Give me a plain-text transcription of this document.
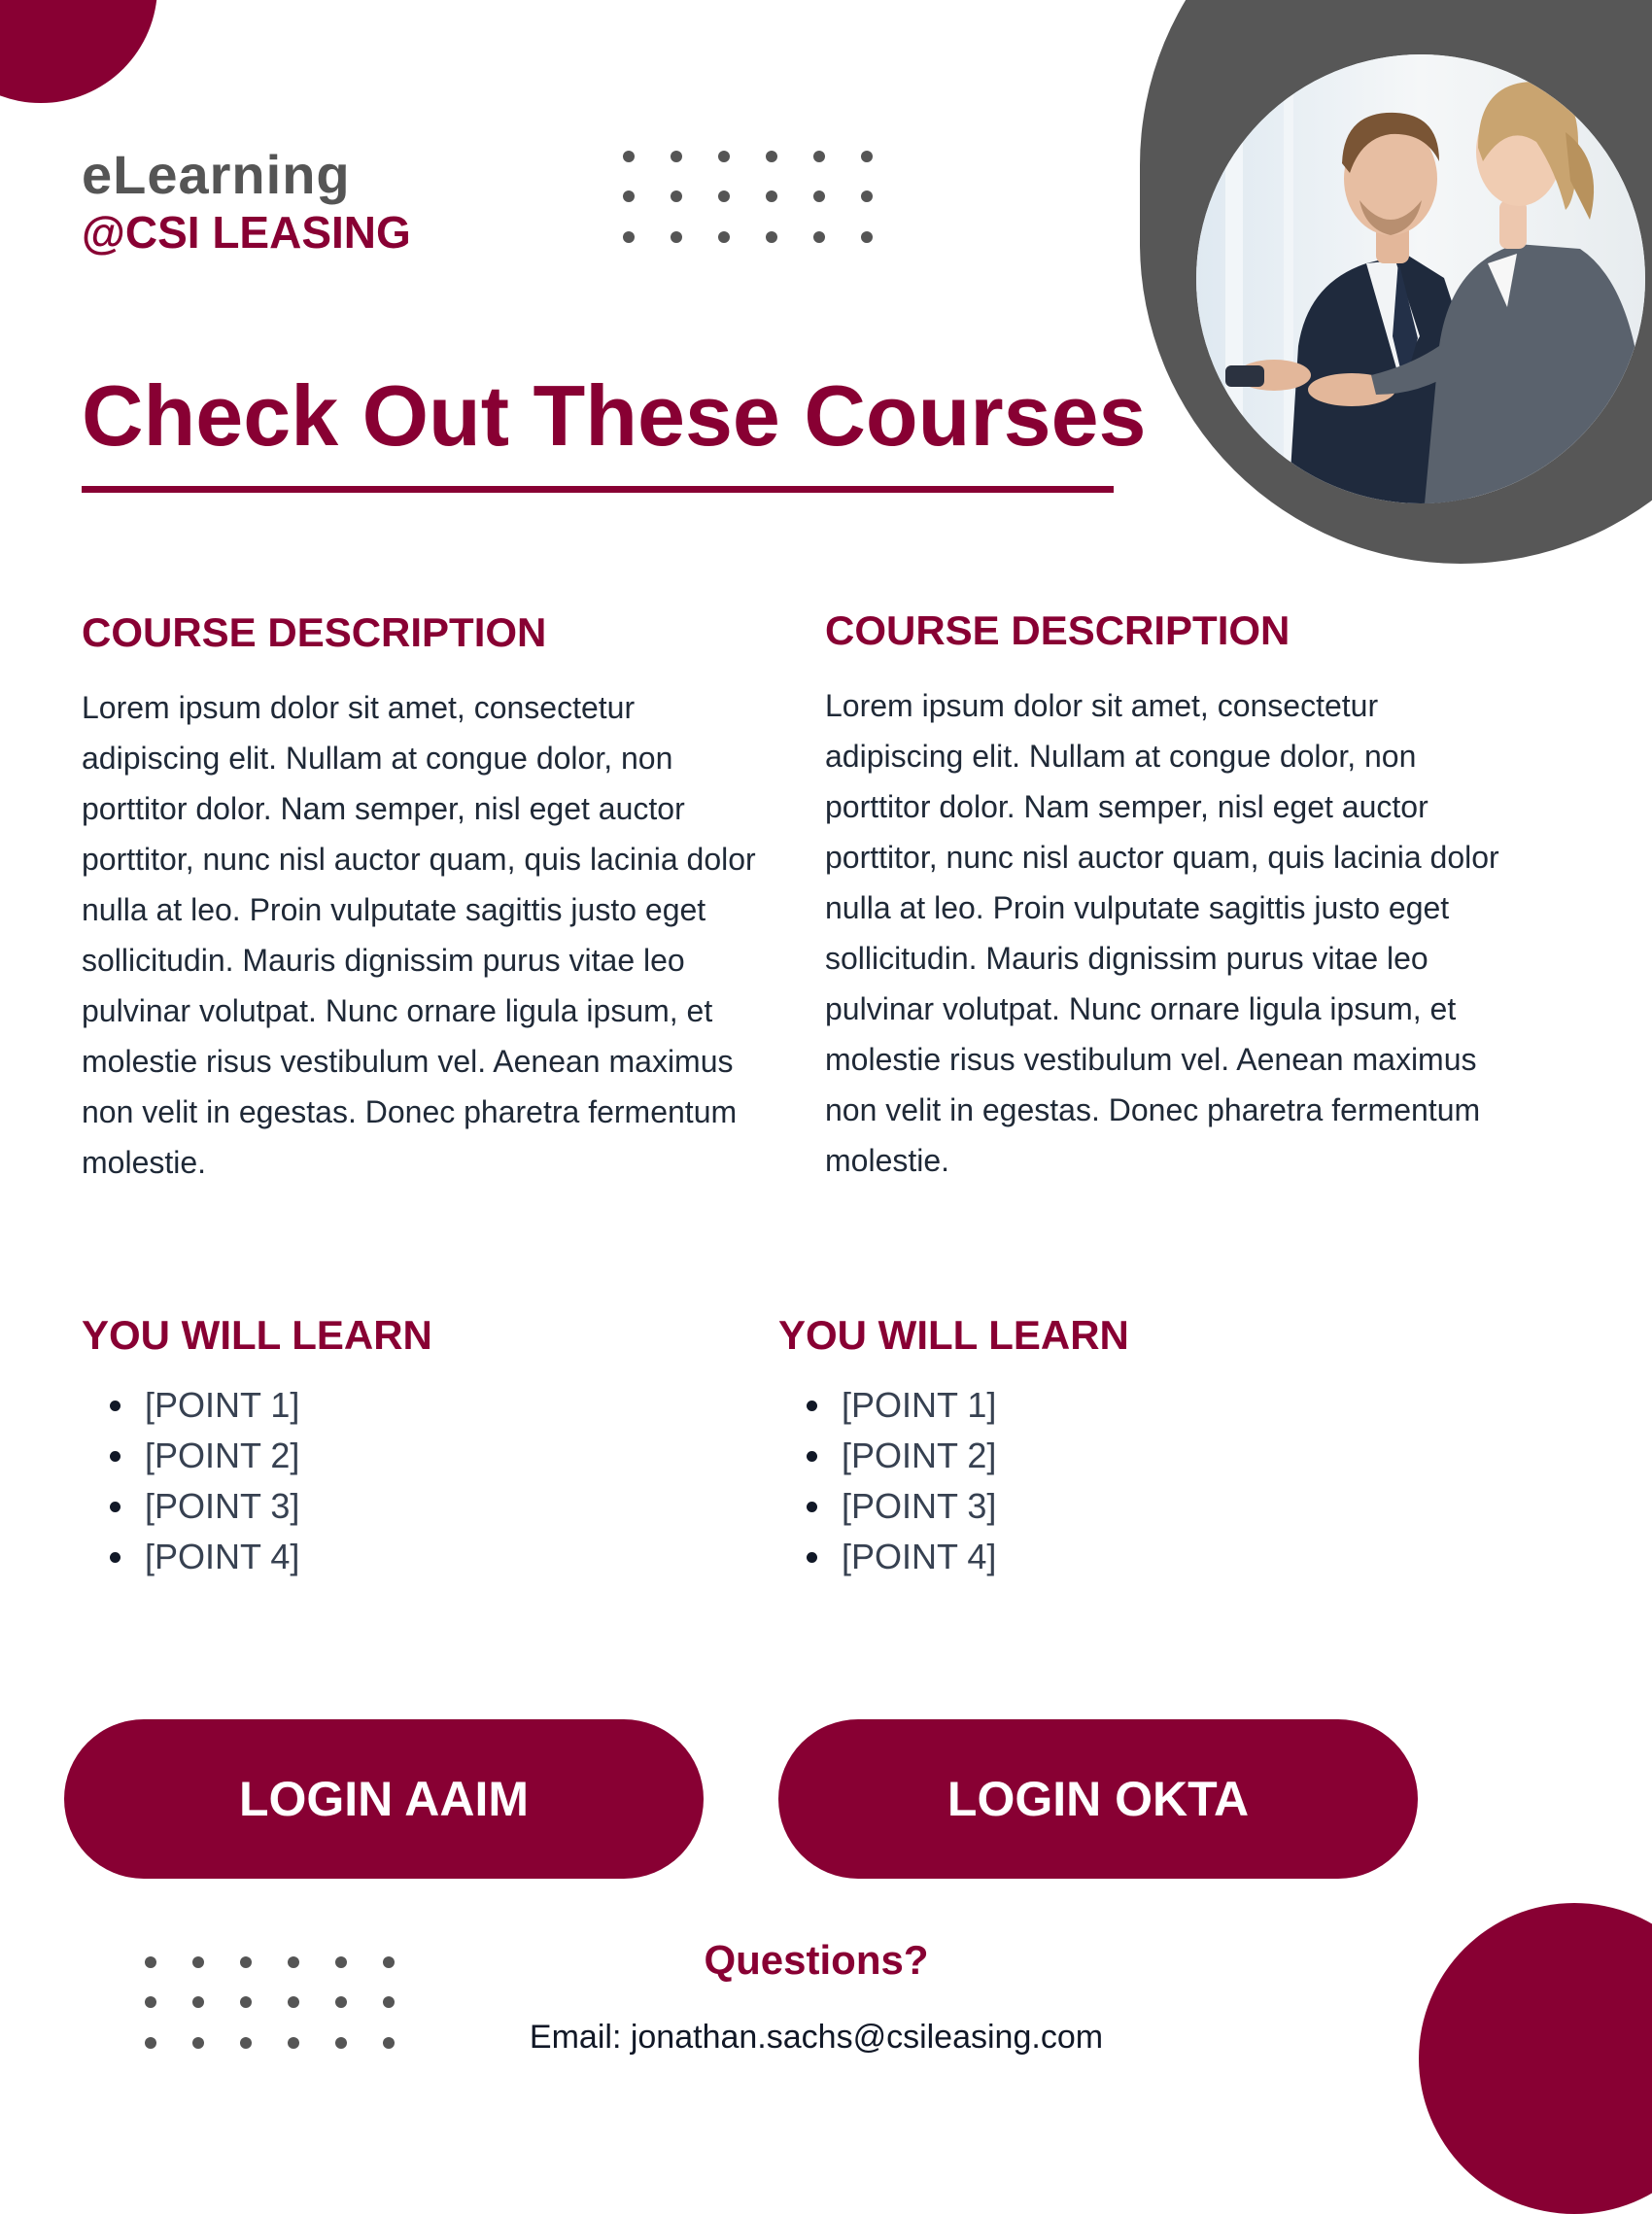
eLearning
@CSI LEASING
Check Out These Courses
COURSE DESCRIPTION

Lorem ipsum dolor sit amet, consectetur adipiscing elit. Nullam at congue dolor, non porttitor dolor. Nam semper, nisl eget auctor porttitor, nunc nisl auctor quam, quis lacinia dolor nulla at leo. Proin vulputate sagittis justo eget sollicitudin. Mauris dignissim purus vitae leo pulvinar volutpat. Nunc ornare ligula ipsum, et molestie risus vestibulum vel. Aenean maximus non velit in egestas. Donec pharetra fermentum molestie.

YOU WILL LEARN
[POINT 1]
[POINT 2]
[POINT 3]
[POINT 4]
COURSE DESCRIPTION

Lorem ipsum dolor sit amet, consectetur adipiscing elit. Nullam at congue dolor, non porttitor dolor. Nam semper, nisl eget auctor porttitor, nunc nisl auctor quam, quis lacinia dolor nulla at leo. Proin vulputate sagittis justo eget sollicitudin. Mauris dignissim purus vitae leo pulvinar volutpat. Nunc ornare ligula ipsum, et molestie risus vestibulum vel. Aenean maximus non velit in egestas. Donec pharetra fermentum molestie.

YOU WILL LEARN
[POINT 1]
[POINT 2]
[POINT 3]
[POINT 4]
LOGIN AAIM	LOGIN OKTA
Questions?
Email: jonathan.sachs@csileasing.com
